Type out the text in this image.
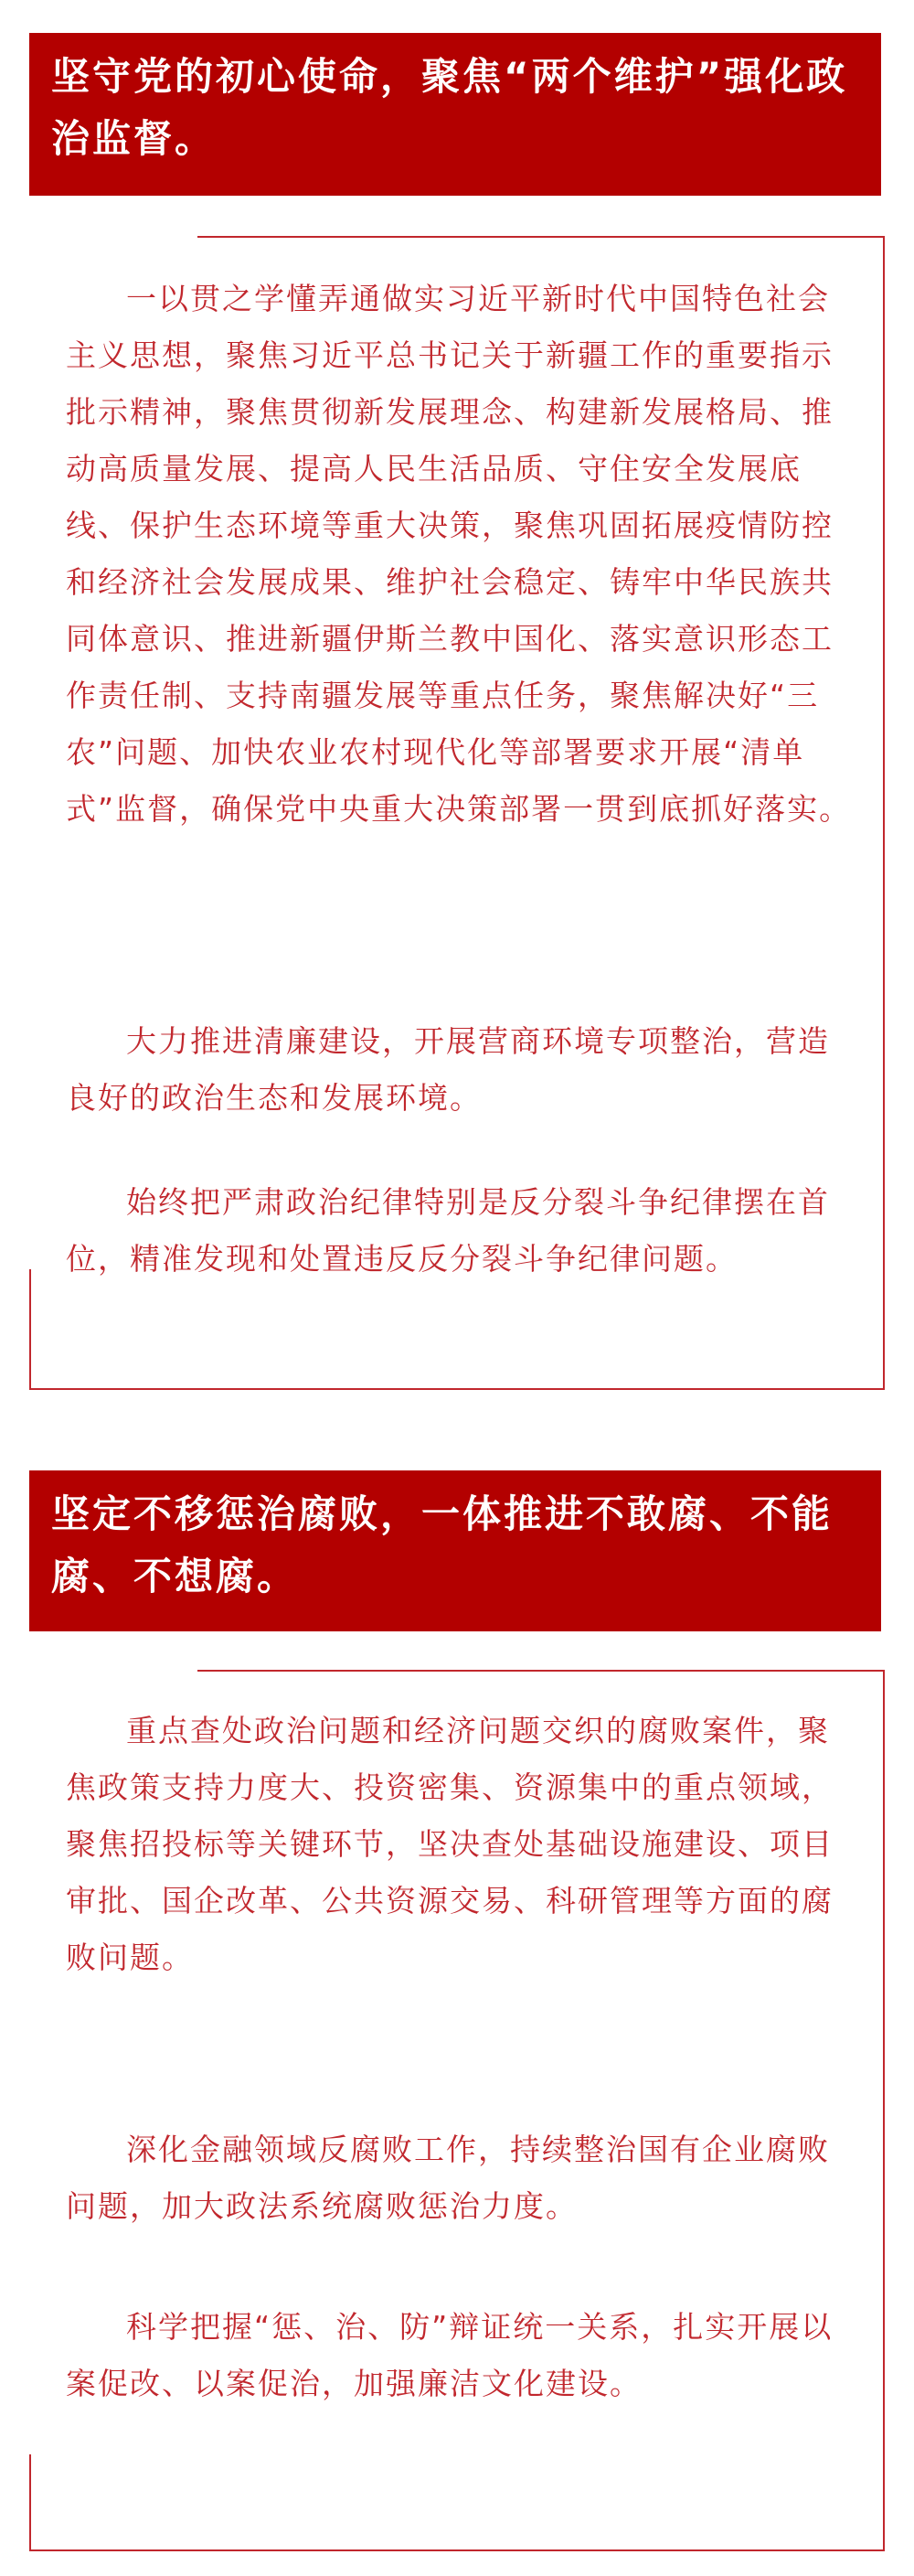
坚守党的初心使命，聚焦“两个维护”强化政治监督。

一以贯之学懂弄通做实习近平新时代中国特色社会主义思想，聚焦习近平总书记关于新疆工作的重要指示批示精神，聚焦贯彻新发展理念、构建新发展格局、推动高质量发展、提高人民生活品质、守住安全发展底线、保护生态环境等重大决策，聚焦巩固拓展疫情防控和经济社会发展成果、维护社会稳定、铸牢中华民族共同体意识、推进新疆伊斯兰教中国化、落实意识形态工作责任制、支持南疆发展等重点任务，聚焦解决好“三农”问题、加快农业农村现代化等部署要求开展“清单式”监督，确保党中央重大决策部署一贯到底抓好落实。

大力推进清廉建设，开展营商环境专项整治，营造良好的政治生态和发展环境。

始终把严肃政治纪律特别是反分裂斗争纪律摆在首位，精准发现和处置违反反分裂斗争纪律问题。

坚定不移惩治腐败，一体推进不敢腐、不能腐、不想腐。

重点查处政治问题和经济问题交织的腐败案件，聚焦政策支持力度大、投资密集、资源集中的重点领域，聚焦招投标等关键环节，坚决查处基础设施建设、项目审批、国企改革、公共资源交易、科研管理等方面的腐败问题。

深化金融领域反腐败工作，持续整治国有企业腐败问题，加大政法系统腐败惩治力度。

科学把握“惩、治、防”辩证统一关系，扎实开展以案促改、以案促治，加强廉洁文化建设。
